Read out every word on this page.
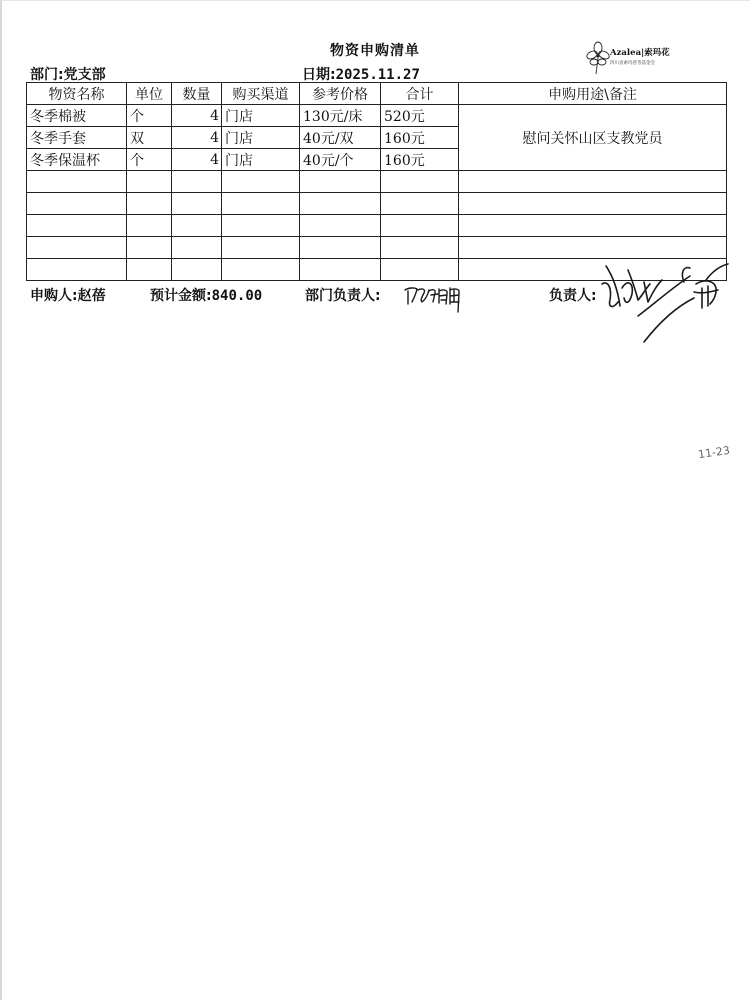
物资申购清单	Azalea|索玛花
四川省索玛慈善基金会
部门:党支部	日期:2025.11.27
物资名称	单位	数量	购买渠道	参考价格	合计	申购用途\备注
冬季棉被	个	4	门店	130元/床	520元	慰问关怀山区支教党员
冬季手套	双	4	门店	40元/双	160元	
冬季保温杯	个	4	门店	40元/个	160元	

申购人:赵蓓	预计金额:840.00	部门负责人:	负责人:
11-23
